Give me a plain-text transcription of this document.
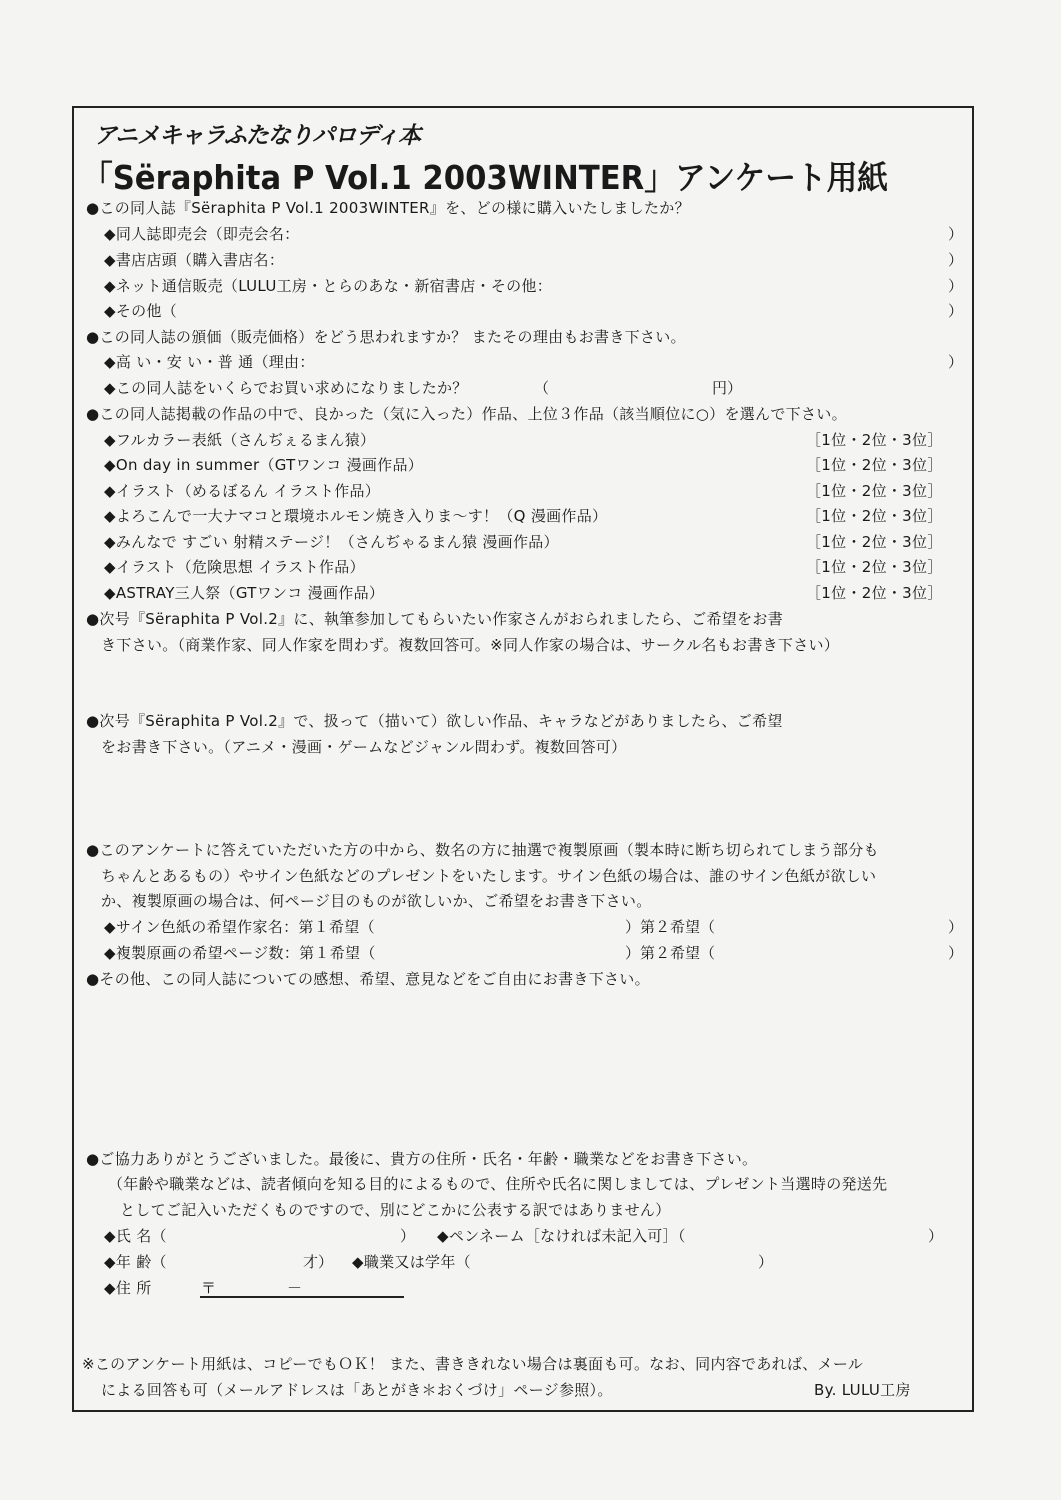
アニメキャラふたなりパロディ本
「Sëraphita P Vol.1 2003WINTER」アンケート用紙
●この同人誌『Sëraphita P Vol.1 2003WINTER』を、どの様に購入いたしましたか？
◆同人誌即売会（即売会名：	）
◆書店店頭（購入書店名：	）
◆ネット通信販売（LULU工房・とらのあな・新宿書店・その他：	）
◆その他（	）
●この同人誌の頒価（販売価格）をどう思われますか？ またその理由もお書き下さい。
◆高 い・安 い・普 通（理由：	）
◆この同人誌をいくらでお買い求めになりましたか？	（	円）
●この同人誌掲載の作品の中で、良かった（気に入った）作品、上位３作品（該当順位に○）を選んで下さい。
◆フルカラー表紙（さんぢぇるまん猿）	［1位・2位・3位］
◆On day in summer（GTワンコ 漫画作品）	［1位・2位・3位］
◆イラスト（めるぼるん イラスト作品）	［1位・2位・3位］
◆よろこんで一大ナマコと環境ホルモン焼き入りま～す！（Q 漫画作品）	［1位・2位・3位］
◆みんなで すごい 射精ステージ！（さんぢゃるまん猿 漫画作品）	［1位・2位・3位］
◆イラスト（危険思想 イラスト作品）	［1位・2位・3位］
◆ASTRAY三人祭（GTワンコ 漫画作品）	［1位・2位・3位］
●次号『Sëraphita P Vol.2』に、執筆参加してもらいたい作家さんがおられましたら、ご希望をお書
き下さい。（商業作家、同人作家を問わず。複数回答可。※同人作家の場合は、サークル名もお書き下さい）
●次号『Sëraphita P Vol.2』で、扱って（描いて）欲しい作品、キャラなどがありましたら、ご希望
をお書き下さい。（アニメ・漫画・ゲームなどジャンル問わず。複数回答可）
●このアンケートに答えていただいた方の中から、数名の方に抽選で複製原画（製本時に断ち切られてしまう部分も
ちゃんとあるもの）やサイン色紙などのプレゼントをいたします。サイン色紙の場合は、誰のサイン色紙が欲しい
か、複製原画の場合は、何ページ目のものが欲しいか、ご希望をお書き下さい。
◆サイン色紙の希望作家名：第１希望（	）第２希望（	）
◆複製原画の希望ページ数：第１希望（	）第２希望（	）
●その他、この同人誌についての感想、希望、意見などをご自由にお書き下さい。
●ご協力ありがとうございました。最後に、貴方の住所・氏名・年齢・職業などをお書き下さい。
（年齢や職業などは、読者傾向を知る目的によるもので、住所や氏名に関しましては、プレゼント当選時の発送先
としてご記入いただくものですので、別にどこかに公表する訳ではありません）
◆氏 名（	） ◆ペンネーム［なければ未記入可］（	）
◆年 齢（	才） ◆職業又は学年（	）
◆住 所	〒	－
※このアンケート用紙は、コピーでもＯＫ！ また、書ききれない場合は裏面も可。なお、同内容であれば、メール
による回答も可（メールアドレスは「あとがき＊おくづけ」ページ参照）。	By. LULU工房
